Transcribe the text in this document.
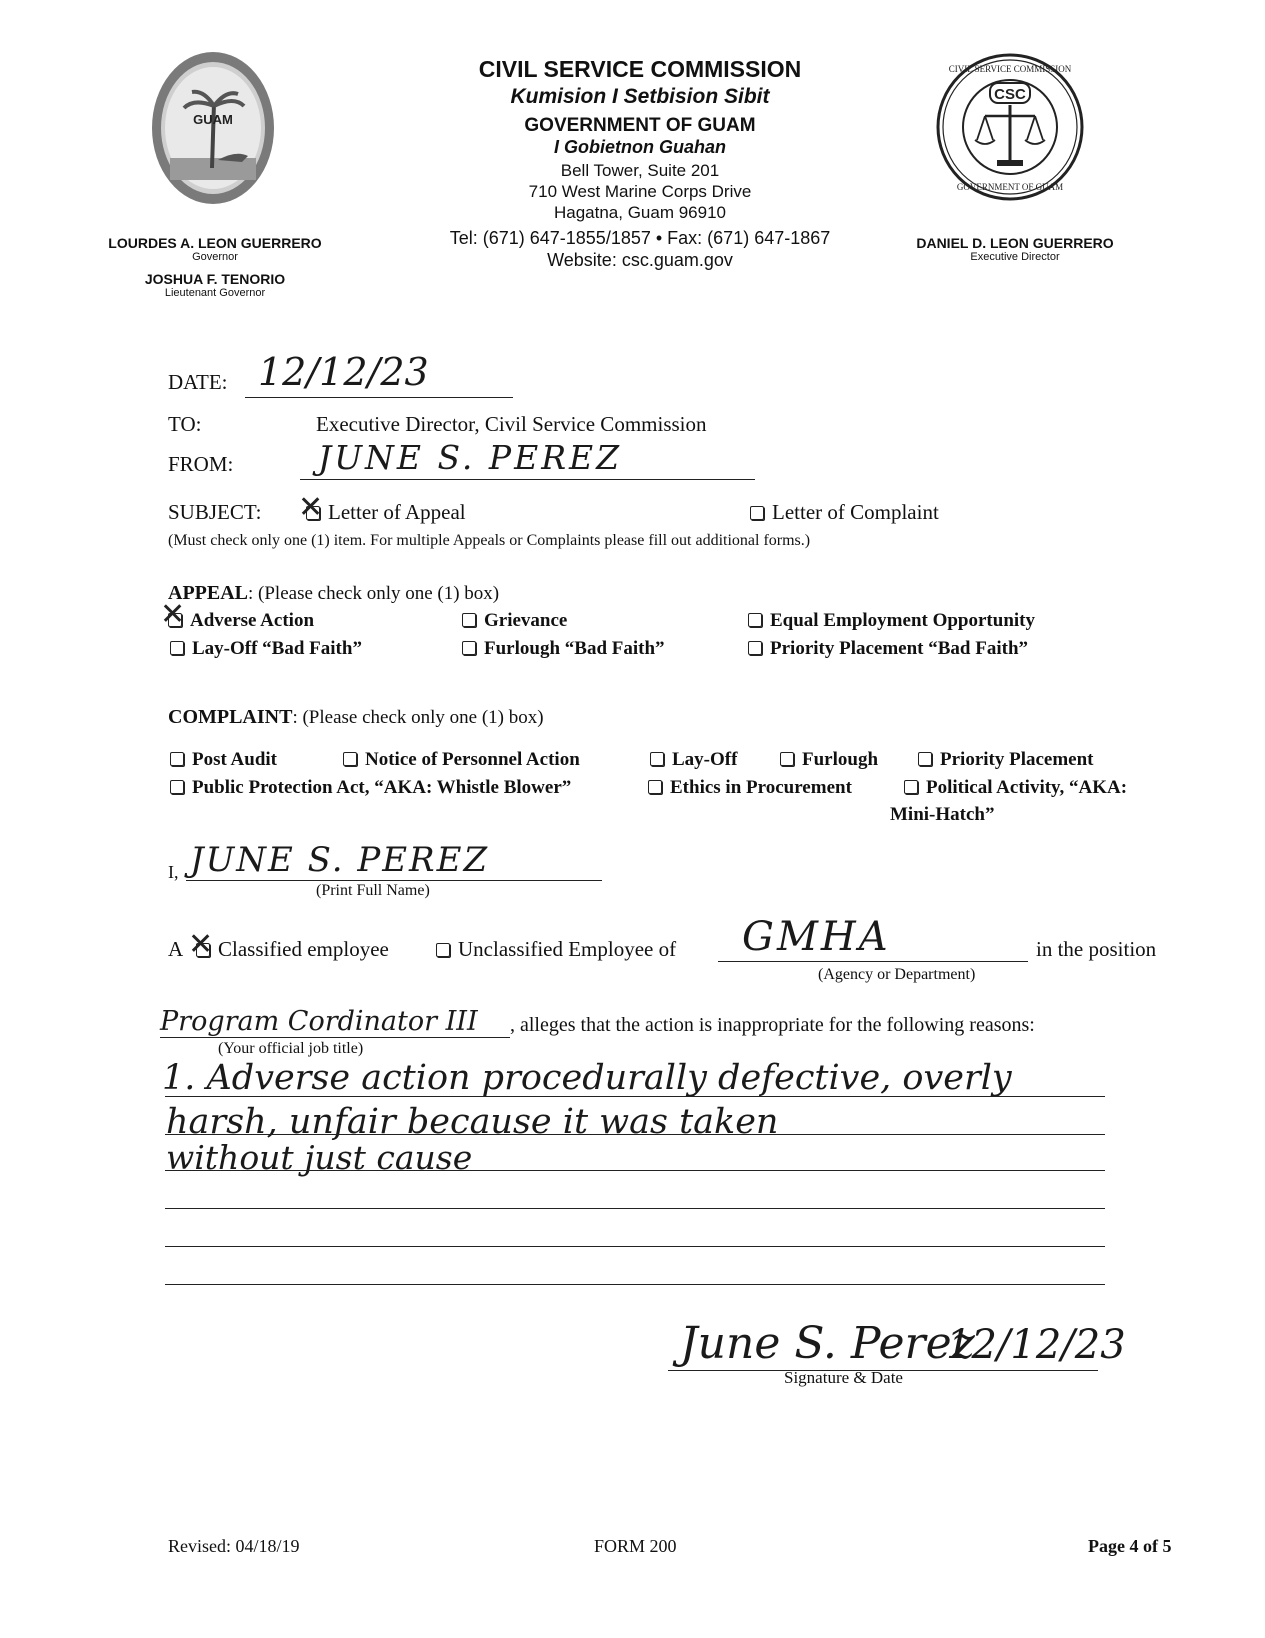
GUAM
CIVIL SERVICE COMMISSION
Kumision I Setbision Sibit
GOVERNMENT OF GUAM
I Gobietnon Guahan
Bell Tower, Suite 201
710 West Marine Corps Drive
Hagatna, Guam 96910
Tel: (671) 647-1855/1857 • Fax: (671) 647-1867
Website: csc.guam.gov
CIVIL SERVICE COMMISSION
GOVERNMENT OF GUAM
CSC
LOURDES A. LEON GUERRERO
Governor
JOSHUA F. TENORIO
Lieutenant Governor
DANIEL D. LEON GUERRERO
Executive Director
DATE: 12/12/23
TO:	Executive Director, Civil Service Commission
FROM:	JUNE S. PEREZ
SUBJECT: ✕	Letter of Appeal	Letter of Complaint
(Must check only one (1) item. For multiple Appeals or Complaints please fill out additional forms.)
APPEAL: (Please check only one (1) box)
✕Adverse Action	Grievance	Equal Employment Opportunity
Lay-Off “Bad Faith”	Furlough “Bad Faith”	Priority Placement “Bad Faith”
COMPLAINT: (Please check only one (1) box)
Post Audit	Notice of Personnel Action	Lay-Off	Furlough	Priority Placement
Public Protection Act, “AKA: Whistle Blower”	Ethics in Procurement	Political Activity, “AKA:
Mini-Hatch”
I, JUNE S. PEREZ
(Print Full Name)
A ✕	Classified employee	Unclassified Employee of GMHA
(Agency or Department)
in the position
Program Cordinator III
(Your official job title)
, alleges that the action is inappropriate for the following reasons:
1. Adverse action procedurally defective, overly
harsh, unfair because it was taken
without just cause
June S. Perez
12/12/23
Signature & Date
Revised: 04/18/19	FORM 200	Page 4 of 5
